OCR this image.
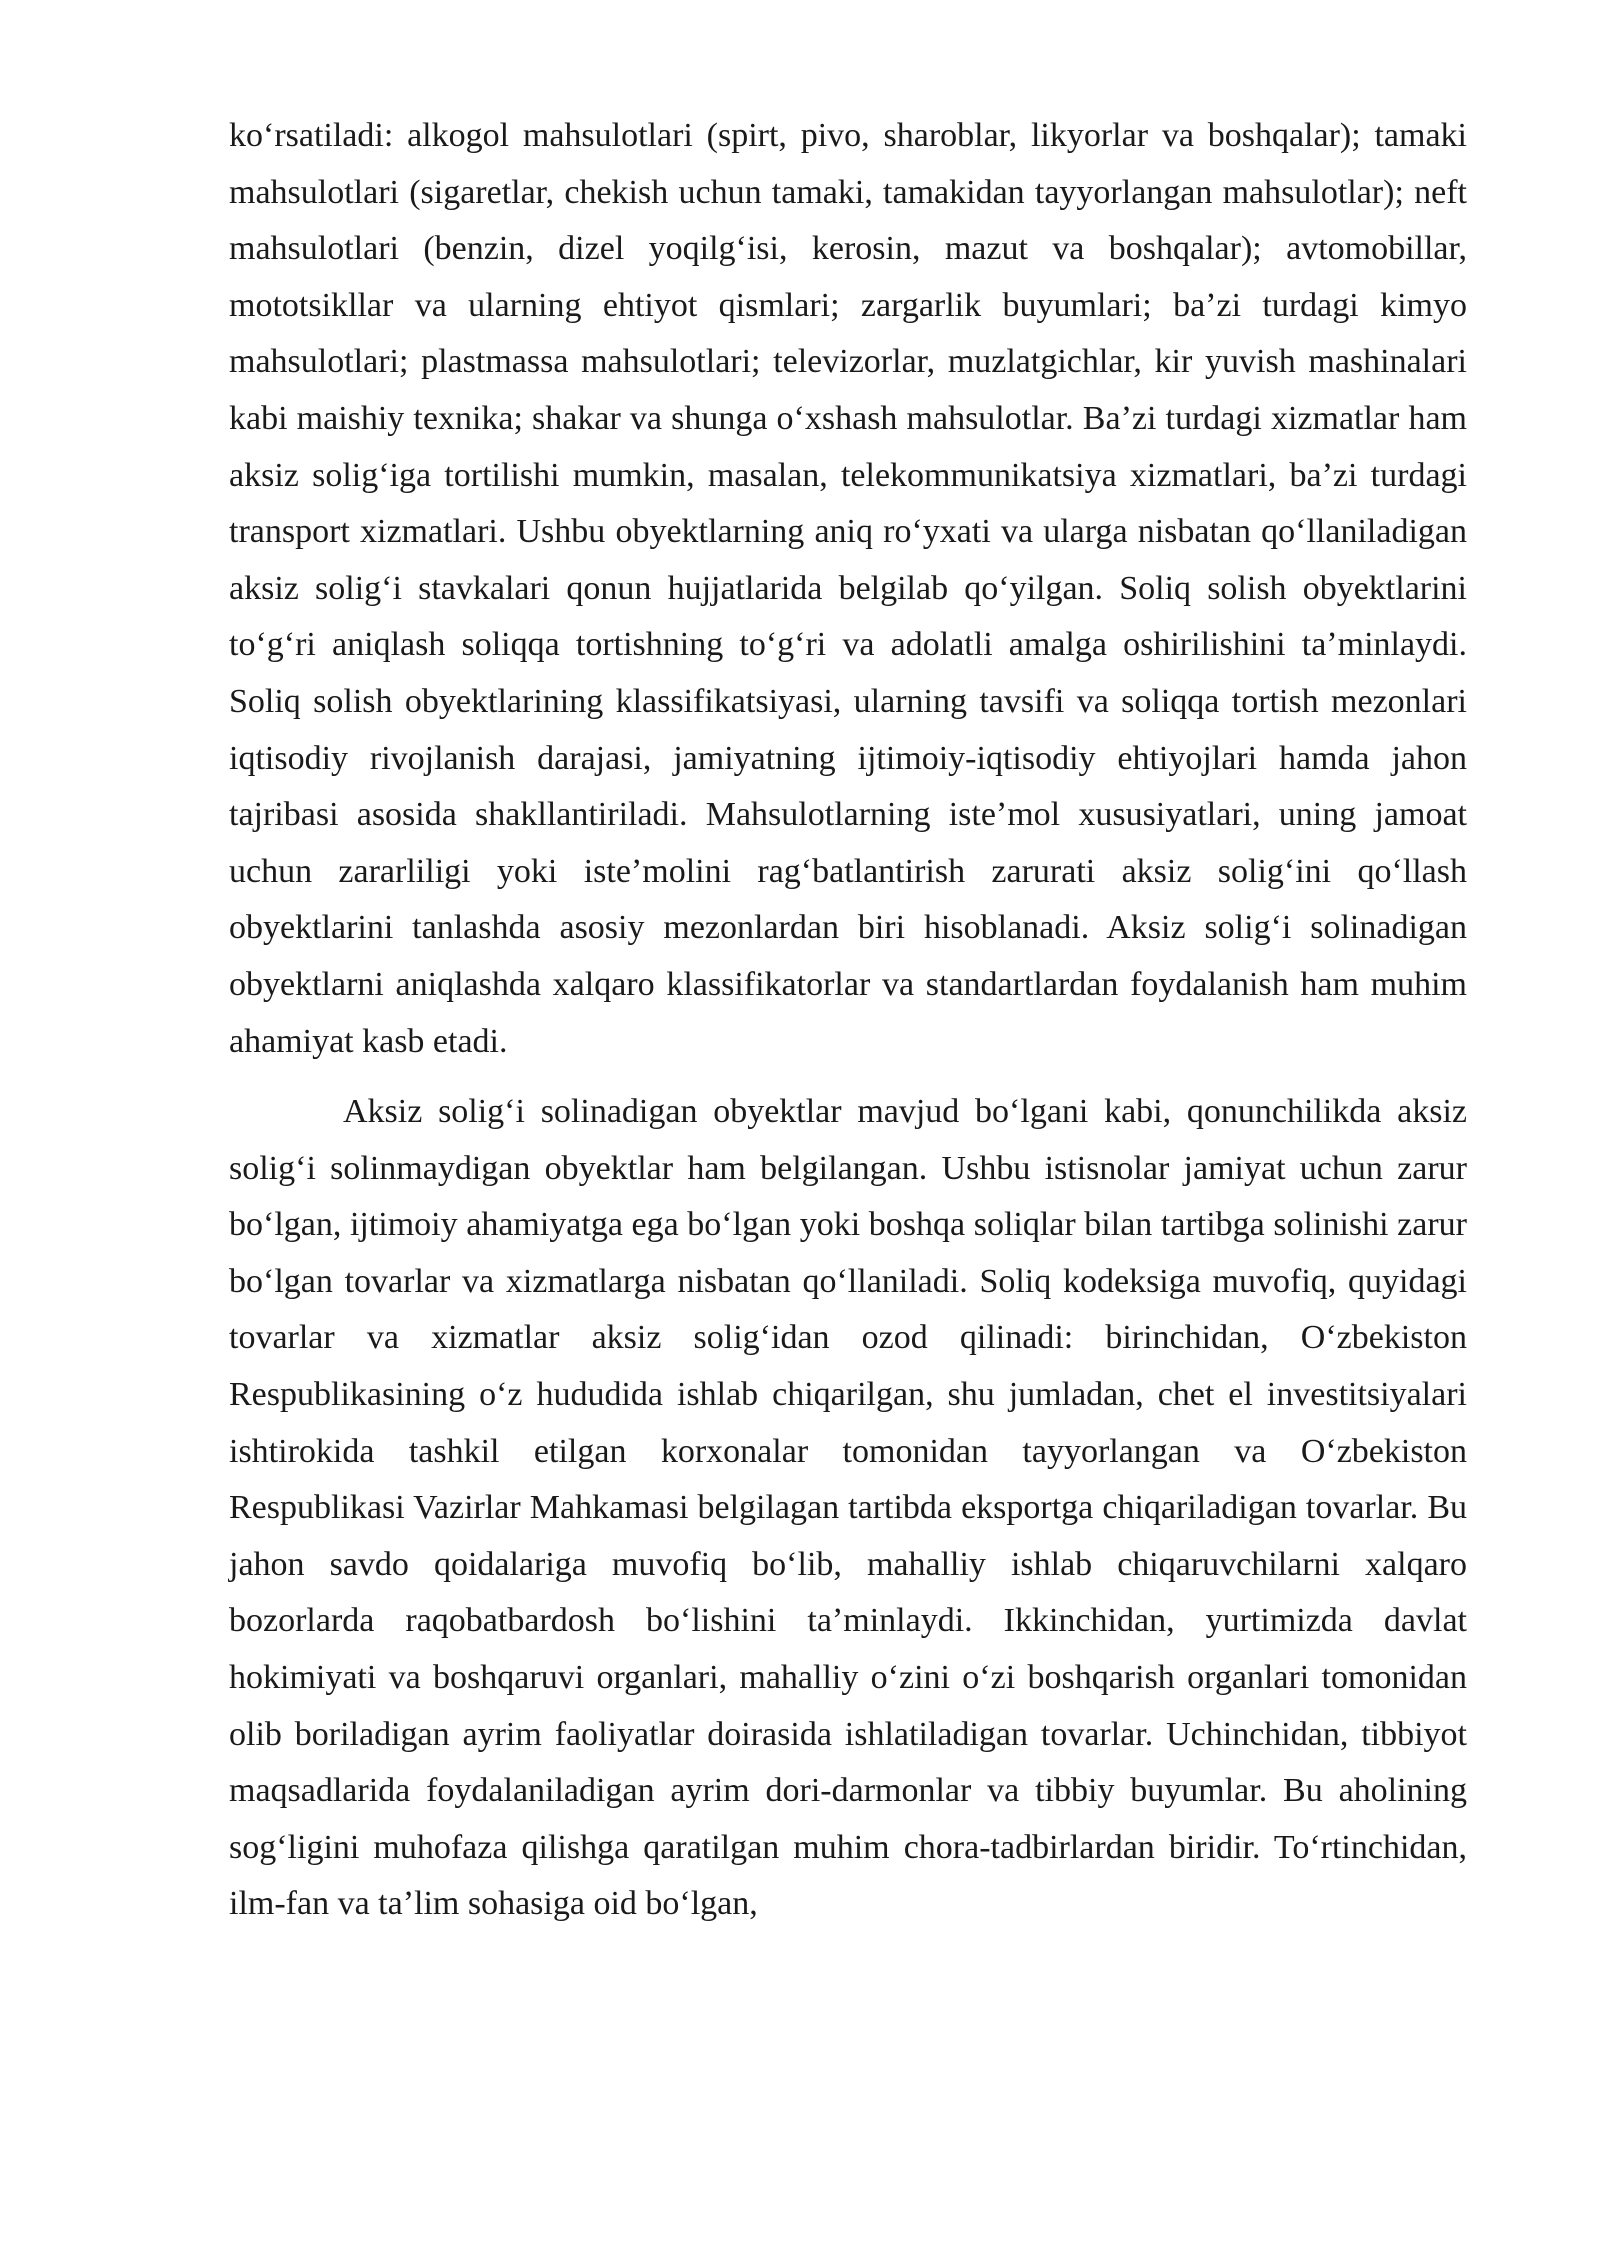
koʻrsatiladi: alkogol mahsulotlari (spirt, pivo, sharoblar, likyorlar va boshqalar); tamaki mahsulotlari (sigaretlar, chekish uchun tamaki, tamakidan tayyorlangan mahsulotlar); neft mahsulotlari (benzin, dizel yoqilgʻisi, kerosin, mazut va boshqalar); avtomobillar, mototsikllar va ularning ehtiyot qismlari; zargarlik buyumlari; baʼzi turdagi kimyo mahsulotlari; plastmassa mahsulotlari; televizorlar, muzlatgichlar, kir yuvish mashinalari kabi maishiy texnika; shakar va shunga oʻxshash mahsulotlar. Baʼzi turdagi xizmatlar ham aksiz soligʻiga tortilishi mumkin, masalan, telekommunikatsiya xizmatlari, baʼzi turdagi transport xizmatlari. Ushbu obyektlarning aniq roʻyxati va ularga nisbatan qoʻllaniladigan aksiz soligʻi stavkalari qonun hujjatlarida belgilab qoʻyilgan. Soliq solish obyektlarini toʻgʻri aniqlash soliqqa tortishning toʻgʻri va adolatli amalga oshirilishini taʼminlaydi. Soliq solish obyektlarining klassifikatsiyasi, ularning tavsifi va soliqqa tortish mezonlari iqtisodiy rivojlanish darajasi, jamiyatning ijtimoiy-iqtisodiy ehtiyojlari hamda jahon tajribasi asosida shakllantiriladi. Mahsulotlarning isteʼmol xususiyatlari, uning jamoat uchun zararliligi yoki isteʼmolini ragʻbatlantirish zarurati aksiz soligʻini qoʻllash obyektlarini tanlashda asosiy mezonlardan biri hisoblanadi. Aksiz soligʻi solinadigan obyektlarni aniqlashda xalqaro klassifikatorlar va standartlardan foydalanish ham muhim ahamiyat kasb etadi.

Aksiz soligʻi solinadigan obyektlar mavjud boʻlgani kabi, qonunchilikda aksiz soligʻi solinmaydigan obyektlar ham belgilangan. Ushbu istisnolar jamiyat uchun zarur boʻlgan, ijtimoiy ahamiyatga ega boʻlgan yoki boshqa soliqlar bilan tartibga solinishi zarur boʻlgan tovarlar va xizmatlarga nisbatan qoʻllaniladi. Soliq kodeksiga muvofiq, quyidagi tovarlar va xizmatlar aksiz soligʻidan ozod qilinadi: birinchidan, Oʻzbekiston Respublikasining oʻz hududida ishlab chiqarilgan, shu jumladan, chet el investitsiyalari ishtirokida tashkil etilgan korxonalar tomonidan tayyorlangan va Oʻzbekiston Respublikasi Vazirlar Mahkamasi belgilagan tartibda eksportga chiqariladigan tovarlar. Bu jahon savdo qoidalariga muvofiq boʻlib, mahalliy ishlab chiqaruvchilarni xalqaro bozorlarda raqobatbardosh boʻlishini taʼminlaydi. Ikkinchidan, yurtimizda davlat hokimiyati va boshqaruvi organlari, mahalliy oʻzini oʻzi boshqarish organlari tomonidan olib boriladigan ayrim faoliyatlar doirasida ishlatiladigan tovarlar. Uchinchidan, tibbiyot maqsadlarida foydalaniladigan ayrim dori-darmonlar va tibbiy buyumlar. Bu aholining sogʻligini muhofaza qilishga qaratilgan muhim chora-tadbirlardan biridir. Toʻrtinchidan, ilm-fan va taʼlim sohasiga oid boʻlgan,
